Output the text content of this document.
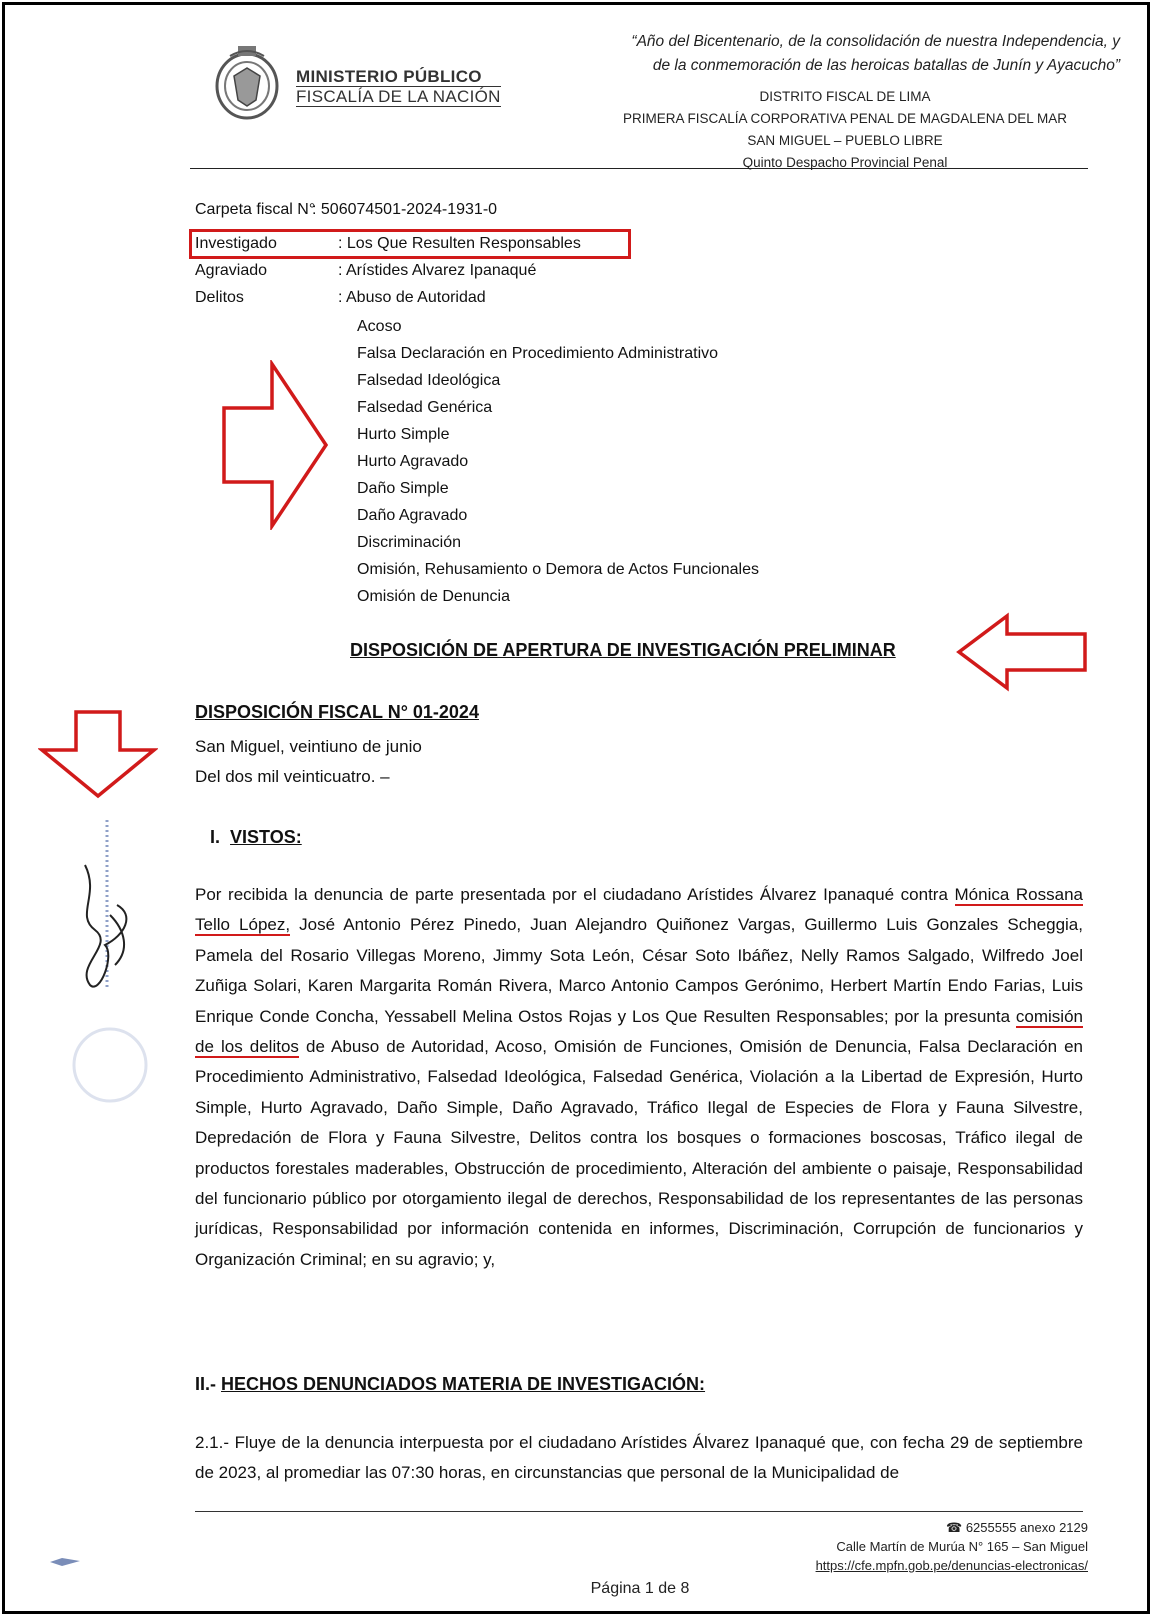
MINISTERIO PÚBLICO
FISCALÍA DE LA NACIÓN
“Año del Bicentenario, de la consolidación de nuestra Independencia, y
de la conmemoración de las heroicas batallas de Junín y Ayacucho”
DISTRITO FISCAL DE LIMA
PRIMERA FISCALÍA CORPORATIVA PENAL DE MAGDALENA DEL MAR
SAN MIGUEL – PUEBLO LIBRE
Quinto Despacho Provincial Penal
Carpeta fiscal N°
: 506074501-2024-1931-0
Investigado	: Los Que Resulten Responsables
Agraviado	: Arístides Alvarez Ipanaqué
Delitos	: Abuso de Autoridad
Acoso
Falsa Declaración en Procedimiento Administrativo
Falsedad Ideológica
Falsedad Genérica
Hurto Simple
Hurto Agravado
Daño Simple
Daño Agravado
Discriminación
Omisión, Rehusamiento o Demora de Actos Funcionales
Omisión de Denuncia
DISPOSICIÓN DE APERTURA DE INVESTIGACIÓN PRELIMINAR
DISPOSICIÓN FISCAL N° 01-2024
San Miguel, veintiuno de junio
Del dos mil veinticuatro. –
I. VISTOS:
Por recibida la denuncia de parte presentada por el ciudadano Arístides Álvarez Ipanaqué contra Mónica Rossana Tello López, José Antonio Pérez Pinedo, Juan Alejandro Quiñonez Vargas, Guillermo Luis Gonzales Scheggia, Pamela del Rosario Villegas Moreno, Jimmy Sota León, César Soto Ibáñez, Nelly Ramos Salgado, Wilfredo Joel Zuñiga Solari, Karen Margarita Román Rivera, Marco Antonio Campos Gerónimo, Herbert Martín Endo Farias, Luis Enrique Conde Concha, Yessabell Melina Ostos Rojas y Los Que Resulten Responsables; por la presunta comisión de los delitos de Abuso de Autoridad, Acoso, Omisión de Funciones, Omisión de Denuncia, Falsa Declaración en Procedimiento Administrativo, Falsedad Ideológica, Falsedad Genérica, Violación a la Libertad de Expresión, Hurto Simple, Hurto Agravado, Daño Simple, Daño Agravado, Tráfico Ilegal de Especies de Flora y Fauna Silvestre, Depredación de Flora y Fauna Silvestre, Delitos contra los bosques o formaciones boscosas, Tráfico ilegal de productos forestales maderables, Obstrucción de procedimiento, Alteración del ambiente o paisaje, Responsabilidad del funcionario público por otorgamiento ilegal de derechos, Responsabilidad de los representantes de las personas jurídicas, Responsabilidad por información contenida en informes, Discriminación, Corrupción de funcionarios y Organización Criminal; en su agravio; y,
II.- HECHOS DENUNCIADOS MATERIA DE INVESTIGACIÓN:
2.1.- Fluye de la denuncia interpuesta por el ciudadano Arístides Álvarez Ipanaqué que, con fecha 29 de septiembre de 2023, al promediar las 07:30 horas, en circunstancias que personal de la Municipalidad de
☎ 6255555 anexo 2129
Calle Martín de Murúa N° 165 – San Miguel
https://cfe.mpfn.gob.pe/denuncias-electronicas/
Página 1 de 8
